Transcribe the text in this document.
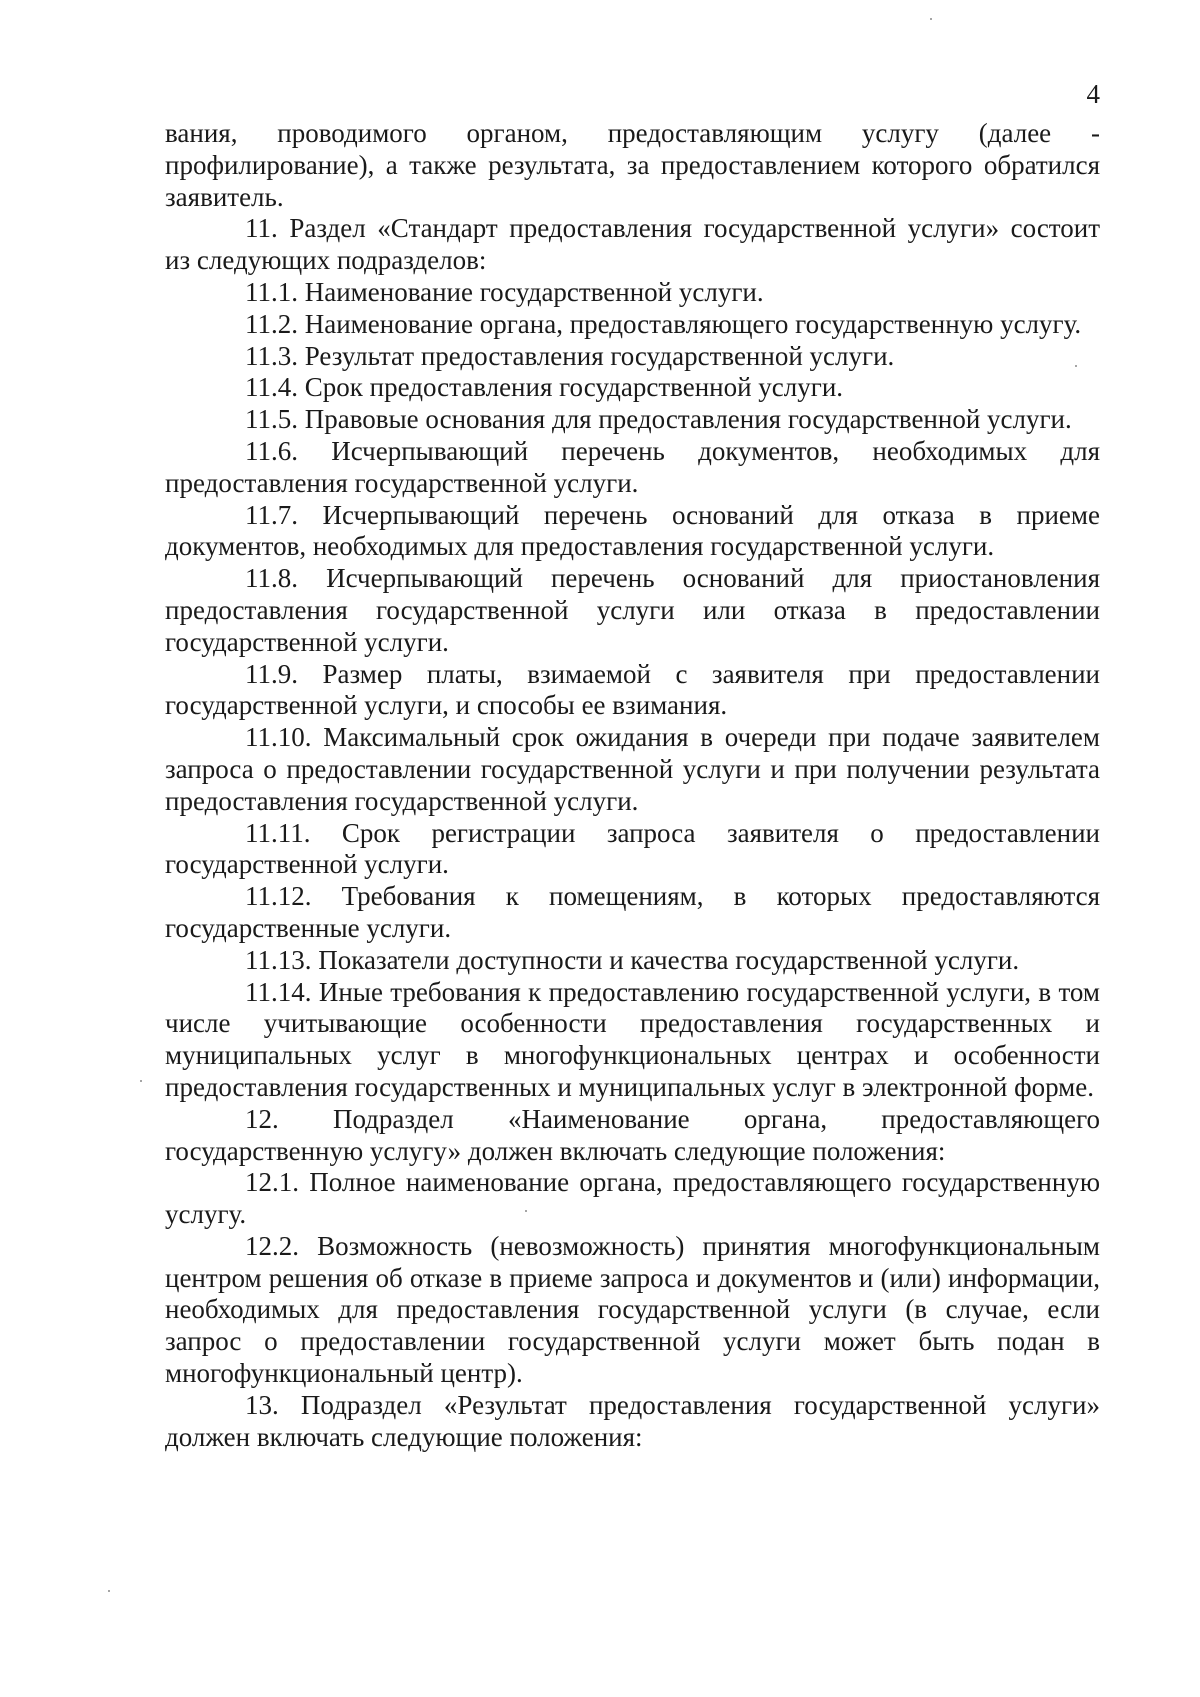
4

вания, проводимого органом, предоставляющим услугу (далее - профилирование), а также результата, за предоставлением которого обратился заявитель.

11. Раздел «Стандарт предоставления государственной услуги» состоит из следующих подразделов:

11.1. Наименование государственной услуги.

11.2. Наименование органа, предоставляющего государственную услугу.

11.3. Результат предоставления государственной услуги.

11.4. Срок предоставления государственной услуги.

11.5. Правовые основания для предоставления государственной услуги.

11.6. Исчерпывающий перечень документов, необходимых для предоставления государственной услуги.

11.7. Исчерпывающий перечень оснований для отказа в приеме документов, необходимых для предоставления государственной услуги.

11.8. Исчерпывающий перечень оснований для приостановления предоставления государственной услуги или отказа в предоставлении государственной услуги.

11.9. Размер платы, взимаемой с заявителя при предоставлении государственной услуги, и способы ее взимания.

11.10. Максимальный срок ожидания в очереди при подаче заявителем запроса о предоставлении государственной услуги и при получении результата предоставления государственной услуги.

11.11. Срок регистрации запроса заявителя о предоставлении государственной услуги.

11.12. Требования к помещениям, в которых предоставляются государственные услуги.

11.13. Показатели доступности и качества государственной услуги.

11.14. Иные требования к предоставлению государственной услуги, в том числе учитывающие особенности предоставления государственных и муниципальных услуг в многофункциональных центрах и особенности предоставления государственных и муниципальных услуг в электронной форме.

12. Подраздел «Наименование органа, предоставляющего государственную услугу» должен включать следующие положения:

12.1. Полное наименование органа, предоставляющего государственную услугу.

12.2. Возможность (невозможность) принятия многофункциональным центром решения об отказе в приеме запроса и документов и (или) информации, необходимых для предоставления государственной услуги (в случае, если запрос о предоставлении государственной услуги может быть подан в многофункциональный центр).

13. Подраздел «Результат предоставления государственной услуги» должен включать следующие положения:
